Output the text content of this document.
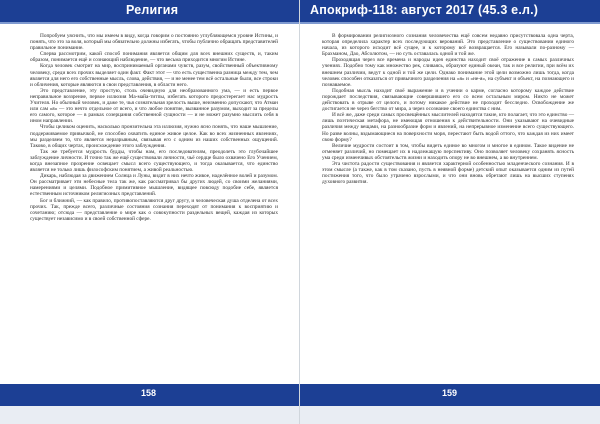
Религия

Попробуем уяснить, что мы имеем в виду, когда говорим о постоянно углубляющемся уровне Истины, и понять, что это за воля, который мы обязательно должны избегать, чтобы публично обращать представителей правильное понимание.

Сперва рассмотрим, какой способ понимания является общим для всех внешних существ, и, таким образом, понимается ещё и сознающий наблюдение, — что весьма приходится многим Истине.

Когда человек смотрит на мир, воспринимаемый органами чувств, разум, свойственный объективному человеку, среди всех прочих выделяет один факт. Факт этот — что есть существенна разница между тем, чем является для него его собственные мысль, слова, действия, — и не менее тем всё остальные были, все строки и обличения, которые являются в свои представления, в области него.

Это представление, эту простую, столь очевидную для необразованного ума, — и есть первое неправильное воззрение, первое иллюзия Ма-майа-титпы, избегать которого предостерегает нас мудрость Учителя. Но обычный человек, и даже те, чья сознательная зрелость выше, неизменно допускают, что Атман или сам «я» — это нечто отдельное от всего, и что любое понятие, вызванное разумом, выходит за пределы его самого, которое — в рамках созерцания собственной сущности — и не может разумно мыслить себя в ином направлении.

Чтобы целиком оценить, насколько пронзительна эта иллюзия, нужно ясно понять, что наше мышление, поддерживаемое привычкой, не способно охватить единое живое целое. Как во всех жизненных явлениях, мы разделяем то, что является неразрывным, связывая его с одним из наших собственных ощущений. Таково, в общих чертах, происхождение этого заблуждения.

Так же требуется мудрость будды, чтобы нам, его последователям, преодолеть это глубочайшее заблуждение личности. И точно так же ещё существовали личности, чьё сердце было охвачено Его Учением, когда внезапное прозрение освещает смысл всего существующего, и тогда оказывается, что единство является не только лишь философским понятием, а живой реальностью.

Дикарь, наблюдая за движением Солнца и Луны, видит в них нечто живое, наделённое волей и разумом. Он рассматривает эти небесные тела так же, как рассматривал бы других людей, со своими желаниями, намерениями и целями. Подобное примитивное мышление, видящее повсюду подобие себе, является естественным источником религиозных представлений.

Бог и ближний, — как правило, противопоставляются друг другу, и человеческая душа отделена от всех прочих. Так, прежде всего, различные состояния сознания переходят от понимания к восприятию и сочетанию; отсюда — представление о мире как о совокупности раздельных вещей, каждая из которых существует независимо и в своей собственной сфере.

158
Апокриф-118: август 2017 (45.3 е.л.)

В формировании религиозного сознания человечества ещё совсем недавно присутствовала одна черта, которая определила характер всех последующих верований. Это представление о существовании единого начала, из которого исходит всё сущее, и к которому всё возвращается. Его называли по-разному — Брахманом, Дао, Абсолютом, — но суть оставалась одной и той же.

Проходящая через все времена и народы идея единства находит своё отражение в самых различных учениях. Подобно тому как множество рек, сливаясь, образуют единый океан, так и все религии, при всём их внешнем различии, ведут к одной и той же цели. Однако понимание этой цели возможно лишь тогда, когда человек способен отказаться от привычного разделения на «я» и «не-я», на субъект и объект, на познающего и познаваемое.

Подобная мысль находит своё выражение и в учении о карме, согласно которому каждое действие порождает последствия, связывающие совершившего его со всем остальным миром. Никто не может действовать в отрыве от целого, и потому никакое действие не проходит бесследно. Освобождение же достигается не через бегство от мира, а через осознание своего единства с ним.

И всё же, даже среди самых просвещённых мыслителей находятся такие, кто полагает, что это единство — лишь поэтическая метафора, не имеющая отношения к действительности. Они указывают на очевидные различия между вещами, на разнообразие форм и явлений, на непрерывное изменение всего существующего. Но разве волны, вздымающиеся на поверхности моря, перестают быть водой оттого, что каждая из них имеет свою форму?

Величие мудрости состоит в том, чтобы видеть единое во многом и многое в едином. Такое видение не отменяет различий, но помещает их в надлежащую перспективу. Оно позволяет человеку сохранять ясность ума среди изменчивых обстоятельств жизни и находить опору не во внешнем, а во внутреннем.

Эта чистота радости существования и является характерной особенностью младенческого сознания. И в этом смысле (а также, как в том сказано, пусть в неявной форме) детский опыт оказывается одним из путей постижения того, что было утрачено взрослыми, и что они вновь обретают лишь на высших ступенях духовного развития.

159
